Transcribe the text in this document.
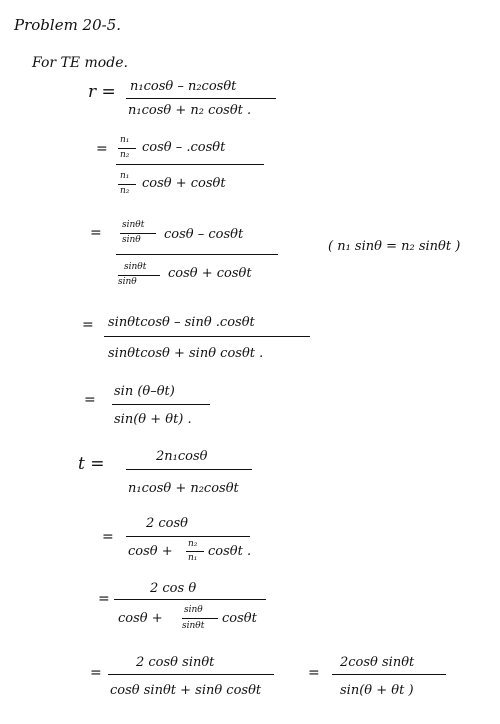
Problem 20-5.
For TE mode.
r = n₁cosθ – n₂cosθt
n₁cosθ + n₂ cosθt .
=
n₁
n₂ cosθ – .cosθt
n₁
n₂ cosθ + cosθt
= sinθt
sinθ cosθ – cosθt
sinθt
sinθ
cosθ + cosθt
( n₁ sinθ = n₂ sinθt )
= sinθtcosθ – sinθ .cosθt
sinθtcosθ + sinθ cosθt .
=
sin (θ–θt)
sin(θ + θt) .
t =	2n₁cosθ
n₁cosθ + n₂cosθt
=
2 cosθ
cosθ + n₂
n₁ cosθt .
=
2 cos θ
cosθ +
sinθ
sinθt cosθt
=
2 cosθ sinθt
cosθ sinθt + sinθ cosθt
=
2cosθ sinθt
sin(θ + θt )
